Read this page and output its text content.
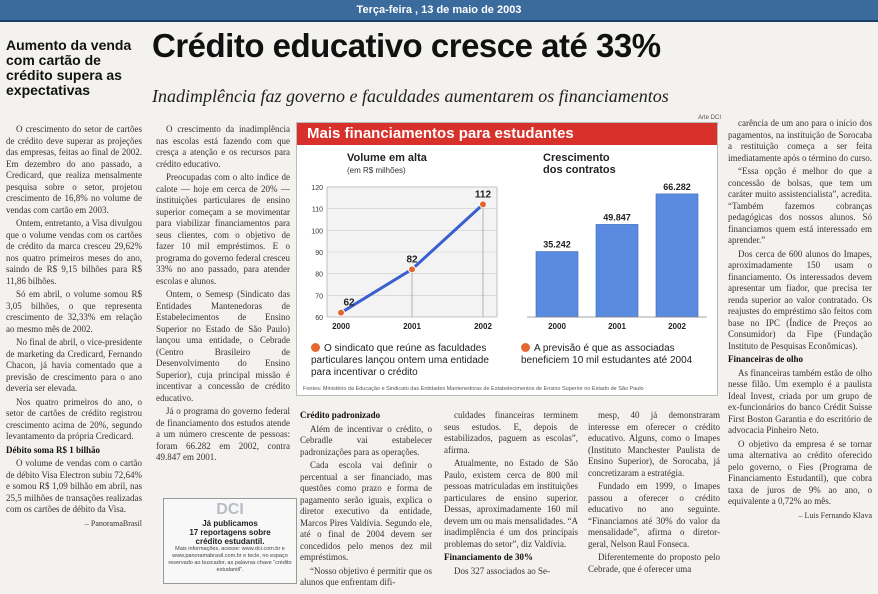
Terça-feira , 13 de maio de 2003
Aumento da venda com cartão de crédito supera as expectativas
Crédito educativo cresce até 33%
Inadimplência faz governo e faculdades aumentarem os financiamentos
Arte DCI

O crescimento do setor de cartões de crédito deve superar as projeções das empresas, feitas ao final de 2002. Em dezembro do ano passado, a Credicard, que realiza mensalmente pesquisa sobre o setor, projetou crescimento de 16,8% no volume de vendas com cartão em 2003.

Ontem, entretanto, a Visa divulgou que o volume vendas com os cartões de crédito da marca cresceu 29,62% nos quatro primeiros meses do ano, saindo de R$ 9,15 bilhões para R$ 11,86 bilhões.

Só em abril, o volume somou R$ 3,05 bilhões, o que representa crescimento de 32,33% em relação ao mesmo mês de 2002.

No final de abril, o vice-presidente de marketing da Credicard, Fernando Chacon, já havia comentado que a previsão de crescimento para o ano deveria ser elevada.

Nos quatro primeiros do ano, o setor de cartões de crédito registrou crescimento acima de 20%, segundo levantamento da própria Credicard.

Débito soma R$ 1 bilhão

O volume de vendas com o cartão de débito Visa Electron subiu 72,64% e somou R$ 1,09 bilhão em abril, nas 25,5 milhões de transações realizadas com os cartões de débito da Visa.

– PanoramaBrasil

O crescimento da inadimplência nas escolas está fazendo com que cresça a atenção e os recursos para crédito educativo.

Preocupadas com o alto índice de calote — hoje em cerca de 20% — instituições particulares de ensino superior começam a se movimentar para viabilizar financiamentos para seus clientes, com o objetivo de fazer 10 mil empréstimos. E o programa do governo federal cresceu 33% no ano passado, para atender escolas e alunos.

Ontem, o Semesp (Sindicato das Entidades Mantenedoras de Estabelecimentos de Ensino Superior no Estado de São Paulo) lançou uma entidade, o Cebrade (Centro Brasileiro de Desenvolvimento do Ensino Superior), cuja principal missão é incentivar a concessão de crédito educativo.

Já o programa do governo federal de financiamento dos estudos atende a um número crescente de pessoas: foram 66.282 em 2002, contra 49.847 em 2001.

DCI
Já publicamos
17 reportagens sobre
crédito estudantil.
Mais informações, acesse: www.dci.com.br e www.panoramabrasil.com.br e tecle, no espaço reservado ao buscador, as palavras chave “crédito estudantil”.
Mais financiamentos para estudantes
Volume em alta
(em R$ milhões)
60
70
80
90
100
110
120
2000	2001	2002
62
82
112
Crescimento
dos contratos
35.242
2000
49.847
2001
66.282
2002
O sindicato que reúne as faculdades particulares lançou ontem uma entidade para incentivar o crédito
A previsão é que as associadas beneficiem 10 mil estudantes até 2004
Fontes: Ministério da Educação e Sindicato das Entidades Mantenedoras de Estabelecimentos de Ensino Superior no Estado de São Paulo

Crédito padronizado

Além de incentivar o crédito, o Cebradle vai estabelecer padronizações para as operações.

Cada escola vai definir o percentual a ser financiado, mas questões como prazo e forma de pagamento serão iguais, explica o diretor executivo da entidade, Marcos Pires Valdívia. Segundo ele, até o final de 2004 devem ser concedidos pelo menos dez mil empréstimos.

“Nosso objetivo é permitir que os alunos que enfrentam difi-

culdades financeiras terminem seus estudos. E, depois de estabilizados, paguem as escolas”, afirma.

Atualmente, no Estado de São Paulo, existem cerca de 800 mil pessoas matriculadas em instituições particulares de ensino superior. Dessas, aproximadamente 160 mil devem um ou mais mensalidades. “A inadimplência é um dos principais problemas do setor”, diz Valdívia.

Financiamento de 30%

Dos 327 associados ao Se-

mesp, 40 já demonstraram interesse em oferecer o crédito educativo. Alguns, como o Imapes (Instituto Manchester Paulista de Ensino Superior), de Sorocaba, já concretizaram a estratégia.

Fundado em 1999, o Imapes passou a oferecer o crédito educativo no ano seguinte. “Financiamos até 30% do valor da mensalidade”, afirma o diretor-geral, Nelson Raul Fonseca.

Diferentemente do proposto pelo Cebrade, que é oferecer uma

carência de um ano para o início dos pagamentos, na instituição de Sorocaba a restituição começa a ser feita imediatamente após o término do curso.

“Essa opção é melhor do que a concessão de bolsas, que tem um caráter muito assistencialista”, acredita. “Também fazemos cobranças pedagógicas dos nossos alunos. Só financiamos quem está interessado em aprender.”

Dos cerca de 600 alunos do Imapes, aproximadamente 150 usam o financiamento. Os interessados devem apresentar um fiador, que precisa ter renda superior ao valor contratado. Os reajustes do empréstimo são feitos com base no IPC (Índice de Preços ao Consumidor) da Fipe (Fundação Instituto de Pesquisas Econômicas).

Financeiras de olho

As financeiras também estão de olho nesse filão. Um exemplo é a paulista Ideal Invest, criada por um grupo de ex-funcionários do banco Crédit Suisse First Boston Garantia e do escritório de advocacia Pinheiro Neto.

O objetivo da empresa é se tornar uma alternativa ao crédito oferecido pelo governo, o Fies (Programa de Financiamento Estudantil), que cobra taxa de juros de 9% ao ano, o equivalente a 0,72% ao mês.

– Luis Fernando Klava
